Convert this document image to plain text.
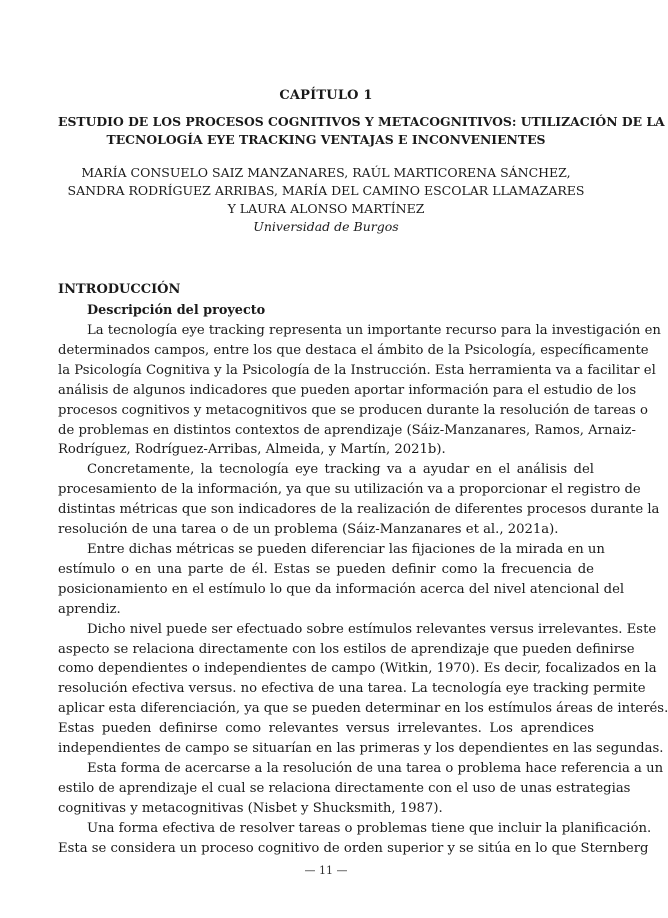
CAPÍTULO 1
ESTUDIO DE LOS PROCESOS COGNITIVOS Y METACOGNITIVOS: UTILIZACIÓN DE LA
TECNOLOGÍA EYE TRACKING VENTAJAS E INCONVENIENTES
MARÍA CONSUELO SAIZ MANZANARES, RAÚL MARTICORENA SÁNCHEZ,
SANDRA RODRÍGUEZ ARRIBAS, MARÍA DEL CAMINO ESCOLAR LLAMAZARES
Y LAURA ALONSO MARTÍNEZ
Universidad de Burgos
INTRODUCCIÓN
Descripción del proyecto

La tecnología eye tracking representa un importante recurso para la investigación en
determinados campos, entre los que destaca el ámbito de la Psicología, específicamente
la Psicología Cognitiva y la Psicología de la Instrucción. Esta herramienta va a facilitar el
análisis de algunos indicadores que pueden aportar información para el estudio de los
procesos cognitivos y metacognitivos que se producen durante la resolución de tareas o
de problemas en distintos contextos de aprendizaje (Sáiz-Manzanares, Ramos, Arnaiz-
Rodríguez, Rodríguez-Arribas, Almeida, y Martín, 2021b).

Concretamente, la tecnología eye tracking va a ayudar en el análisis del
procesamiento de la información, ya que su utilización va a proporcionar el registro de
distintas métricas que son indicadores de la realización de diferentes procesos durante la
resolución de una tarea o de un problema (Sáiz-Manzanares et al., 2021a).

Entre dichas métricas se pueden diferenciar las fijaciones de la mirada en un
estímulo o en una parte de él. Estas se pueden definir como la frecuencia de
posicionamiento en el estímulo lo que da información acerca del nivel atencional del
aprendiz.

Dicho nivel puede ser efectuado sobre estímulos relevantes versus irrelevantes. Este
aspecto se relaciona directamente con los estilos de aprendizaje que pueden definirse
como dependientes o independientes de campo (Witkin, 1970). Es decir, focalizados en la
resolución efectiva versus. no efectiva de una tarea. La tecnología eye tracking permite
aplicar esta diferenciación, ya que se pueden determinar en los estímulos áreas de interés.
Estas pueden definirse como relevantes versus irrelevantes. Los aprendices
independientes de campo se situarían en las primeras y los dependientes en las segundas.

Esta forma de acercarse a la resolución de una tarea o problema hace referencia a un
estilo de aprendizaje el cual se relaciona directamente con el uso de unas estrategias
cognitivas y metacognitivas (Nisbet y Shucksmith, 1987).

Una forma efectiva de resolver tareas o problemas tiene que incluir la planificación.
Esta se considera un proceso cognitivo de orden superior y se sitúa en lo que Sternberg

— 11 —
